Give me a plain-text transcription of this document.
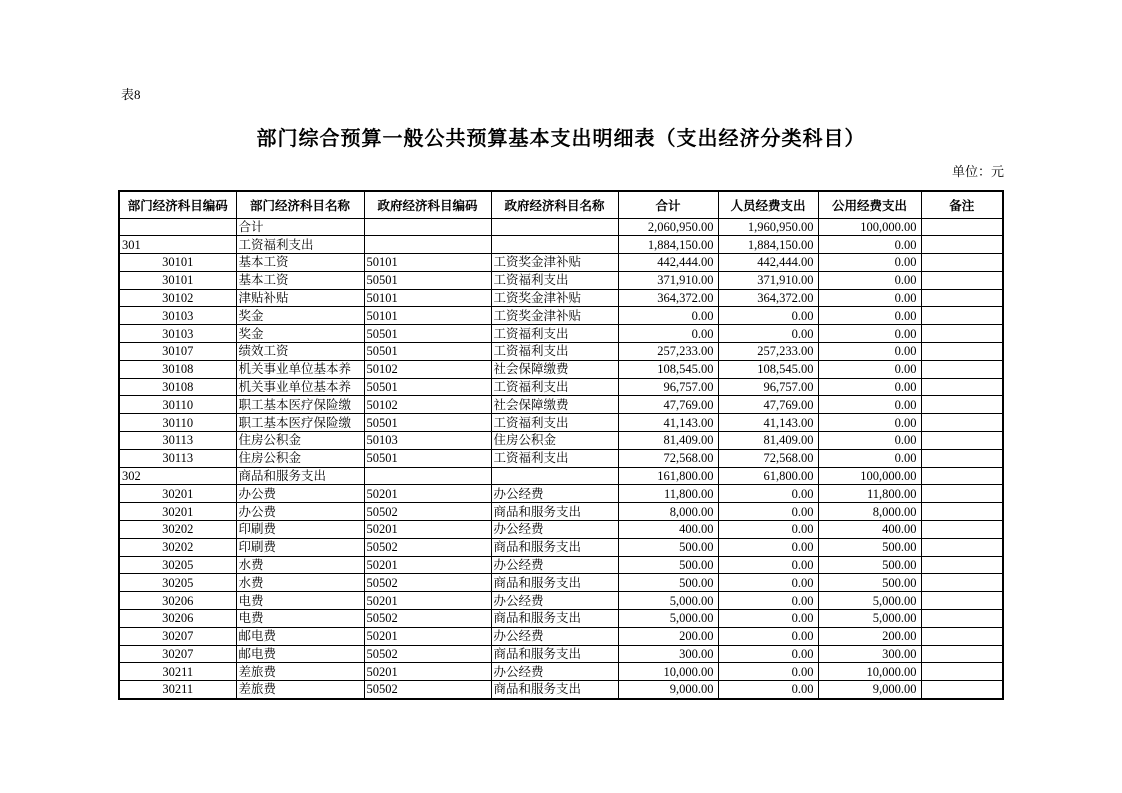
表8
部门综合预算一般公共预算基本支出明细表（支出经济分类科目）
单位：元
部门经济科目编码	部门经济科目名称	政府经济科目编码	政府经济科目名称	合计	人员经费支出	公用经费支出	备注
	合计			2,060,950.00	1,960,950.00	100,000.00	
301	工资福利支出			1,884,150.00	1,884,150.00	0.00	
30101	基本工资	50101	工资奖金津补贴	442,444.00	442,444.00	0.00	
30101	基本工资	50501	工资福利支出	371,910.00	371,910.00	0.00	
30102	津贴补贴	50101	工资奖金津补贴	364,372.00	364,372.00	0.00	
30103	奖金	50101	工资奖金津补贴	0.00	0.00	0.00	
30103	奖金	50501	工资福利支出	0.00	0.00	0.00	
30107	绩效工资	50501	工资福利支出	257,233.00	257,233.00	0.00	
30108	机关事业单位基本养	50102	社会保障缴费	108,545.00	108,545.00	0.00	
30108	机关事业单位基本养	50501	工资福利支出	96,757.00	96,757.00	0.00	
30110	职工基本医疗保险缴	50102	社会保障缴费	47,769.00	47,769.00	0.00	
30110	职工基本医疗保险缴	50501	工资福利支出	41,143.00	41,143.00	0.00	
30113	住房公积金	50103	住房公积金	81,409.00	81,409.00	0.00	
30113	住房公积金	50501	工资福利支出	72,568.00	72,568.00	0.00	
302	商品和服务支出			161,800.00	61,800.00	100,000.00	
30201	办公费	50201	办公经费	11,800.00	0.00	11,800.00	
30201	办公费	50502	商品和服务支出	8,000.00	0.00	8,000.00	
30202	印刷费	50201	办公经费	400.00	0.00	400.00	
30202	印刷费	50502	商品和服务支出	500.00	0.00	500.00	
30205	水费	50201	办公经费	500.00	0.00	500.00	
30205	水费	50502	商品和服务支出	500.00	0.00	500.00	
30206	电费	50201	办公经费	5,000.00	0.00	5,000.00	
30206	电费	50502	商品和服务支出	5,000.00	0.00	5,000.00	
30207	邮电费	50201	办公经费	200.00	0.00	200.00	
30207	邮电费	50502	商品和服务支出	300.00	0.00	300.00	
30211	差旅费	50201	办公经费	10,000.00	0.00	10,000.00	
30211	差旅费	50502	商品和服务支出	9,000.00	0.00	9,000.00	
